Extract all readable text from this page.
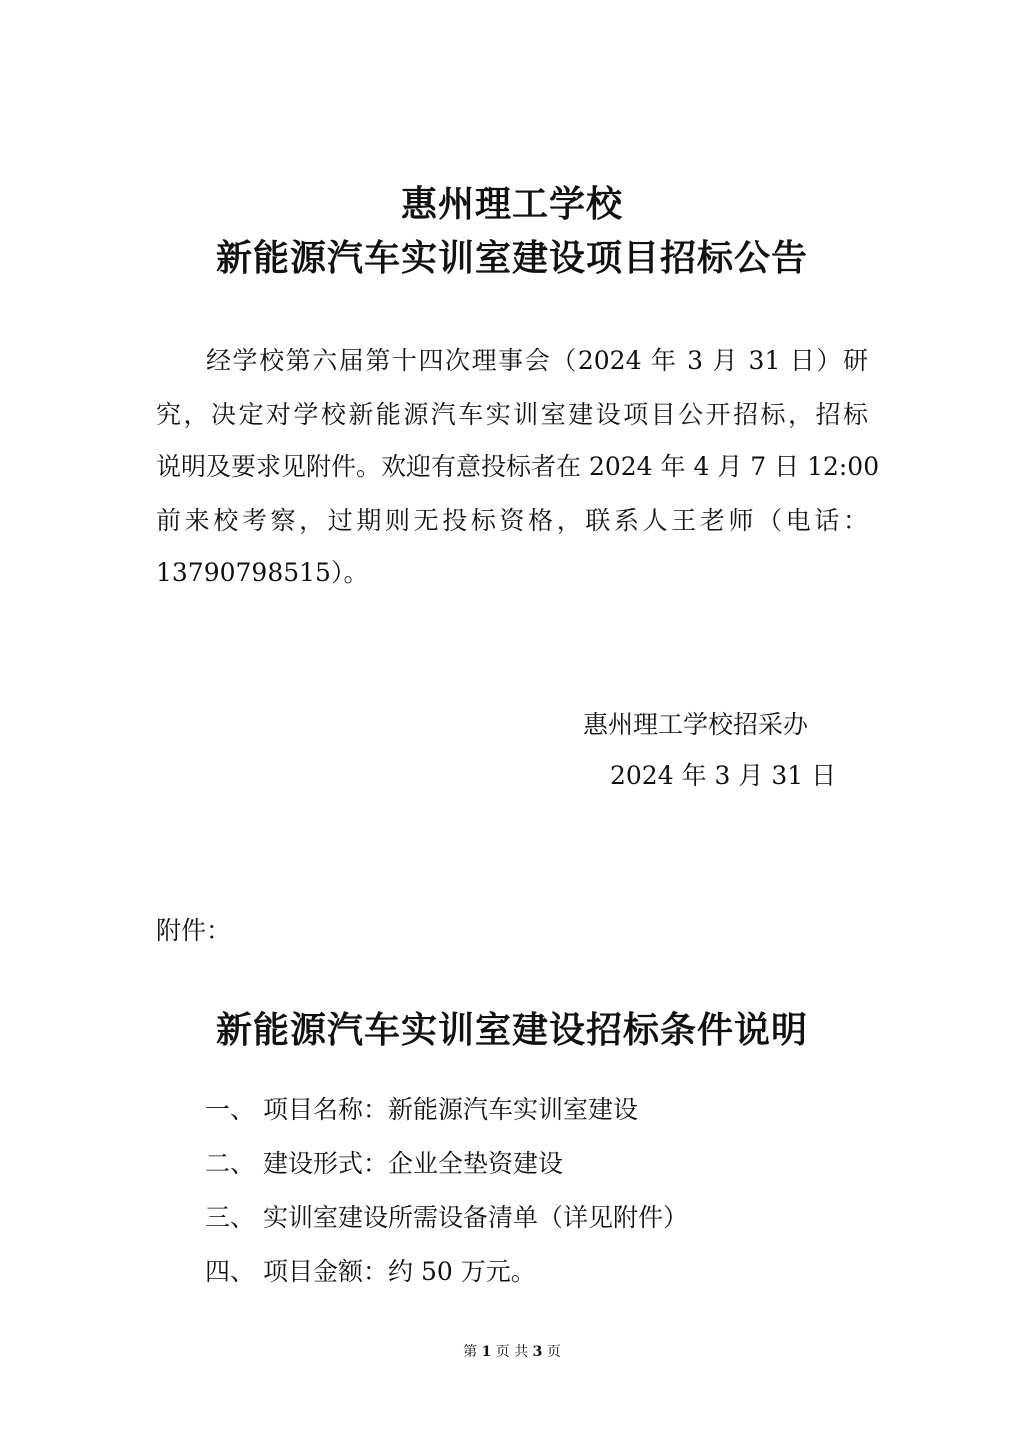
惠州理工学校
新能源汽车实训室建设项目招标公告
经学校第六届第十四次理事会（2024 年 3 月 31 日）研
究，决定对学校新能源汽车实训室建设项目公开招标，招标
说明及要求见附件。欢迎有意投标者在 2024 年 4 月 7 日 12:00
前来校考察，过期则无投标资格，联系人王老师（电话：
13790798515）。
惠州理工学校招采办
2024 年 3 月 31 日
附件：
新能源汽车实训室建设招标条件说明
一、 项目名称：新能源汽车实训室建设
二、 建设形式：企业全垫资建设
三、 实训室建设所需设备清单（详见附件）
四、 项目金额：约 50 万元。
第 1 页 共 3 页
